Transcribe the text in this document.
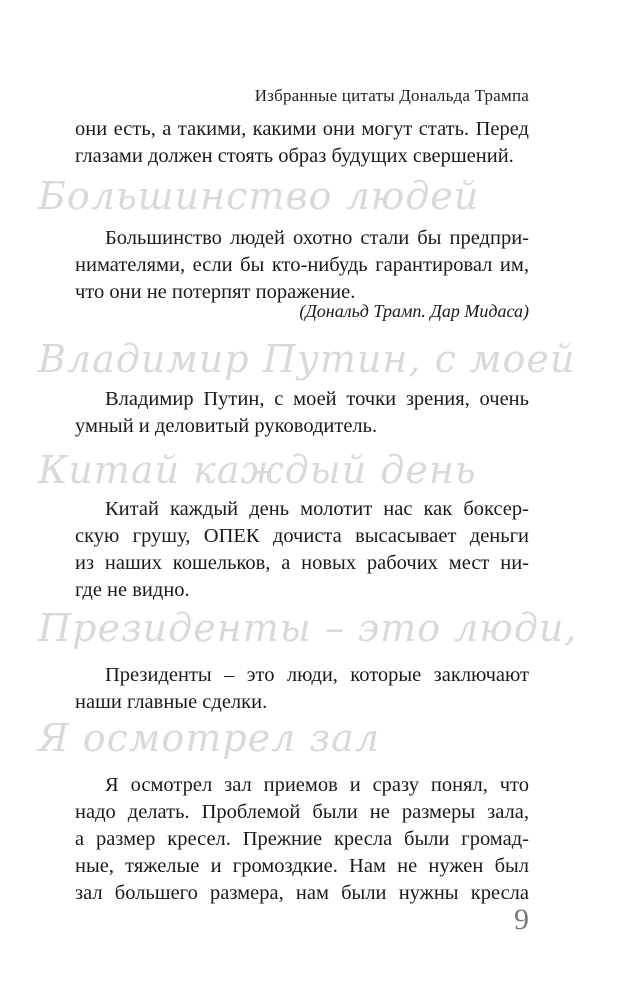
Избранные цитаты Дональда Трампа
они есть, а такими, какими они могут стать. Перед
глазами должен стоять образ будущих свершений.
Большинство людей
Большинство людей охотно стали бы предпри-
нимателями, если бы кто-нибудь гарантировал им,
что они не потерпят поражение.
(Дональд Трамп. Дар Мидаса)
Владимир Путин, с моей
Владимир Путин, с моей точки зрения, очень
умный и деловитый руководитель.
Китай каждый день
Китай каждый день молотит нас как боксер-
скую грушу, ОПЕК дочиста высасывает деньги
из наших кошельков, а новых рабочих мест ни-
где не видно.
Президенты – это люди,
Президенты – это люди, которые заключают
наши главные сделки.
Я осмотрел зал
Я осмотрел зал приемов и сразу понял, что
надо делать. Проблемой были не размеры зала,
а размер кресел. Прежние кресла были громад-
ные, тяжелые и громоздкие. Нам не нужен был
зал большего размера, нам были нужны кресла
9
